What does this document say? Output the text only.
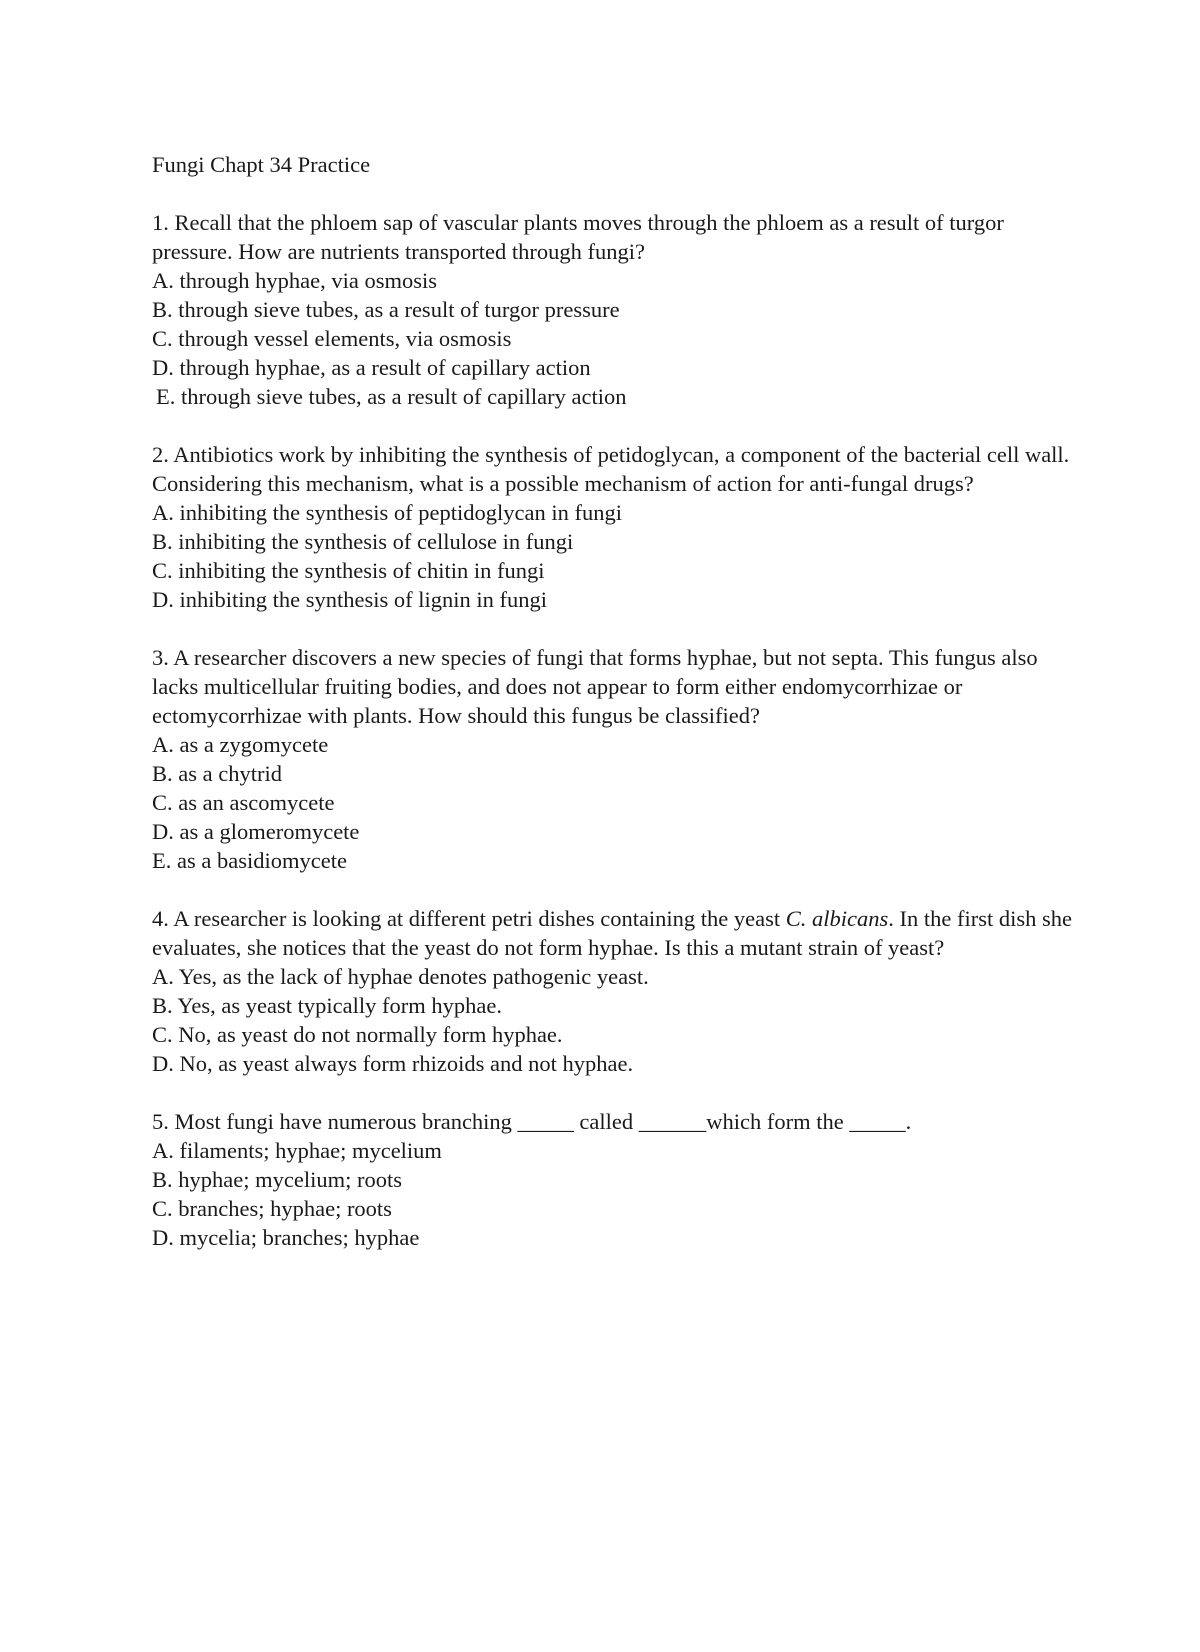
Fungi Chapt 34 Practice

1. Recall that the phloem sap of vascular plants moves through the phloem as a result of turgor pressure. How are nutrients transported through fungi?

A. through hyphae, via osmosis

B. through sieve tubes, as a result of turgor pressure

C. through vessel elements, via osmosis

D. through hyphae, as a result of capillary action

E. through sieve tubes, as a result of capillary action

2. Antibiotics work by inhibiting the synthesis of petidoglycan, a component of the bacterial cell wall. Considering this mechanism, what is a possible mechanism of action for anti-fungal drugs?

A. inhibiting the synthesis of peptidoglycan in fungi

B. inhibiting the synthesis of cellulose in fungi

C. inhibiting the synthesis of chitin in fungi

D. inhibiting the synthesis of lignin in fungi

3. A researcher discovers a new species of fungi that forms hyphae, but not septa. This fungus also lacks multicellular fruiting bodies, and does not appear to form either endomycorrhizae or ectomycorrhizae with plants. How should this fungus be classified?

A. as a zygomycete

B. as a chytrid

C. as an ascomycete

D. as a glomeromycete

E. as a basidiomycete

4. A researcher is looking at different petri dishes containing the yeast C. albicans. In the first dish she evaluates, she notices that the yeast do not form hyphae. Is this a mutant strain of yeast?

A. Yes, as the lack of hyphae denotes pathogenic yeast.

B. Yes, as yeast typically form hyphae.

C. No, as yeast do not normally form hyphae.

D. No, as yeast always form rhizoids and not hyphae.

5. Most fungi have numerous branching _____ called ______which form the _____.

A. filaments; hyphae; mycelium

B. hyphae; mycelium; roots

C. branches; hyphae; roots

D. mycelia; branches; hyphae
